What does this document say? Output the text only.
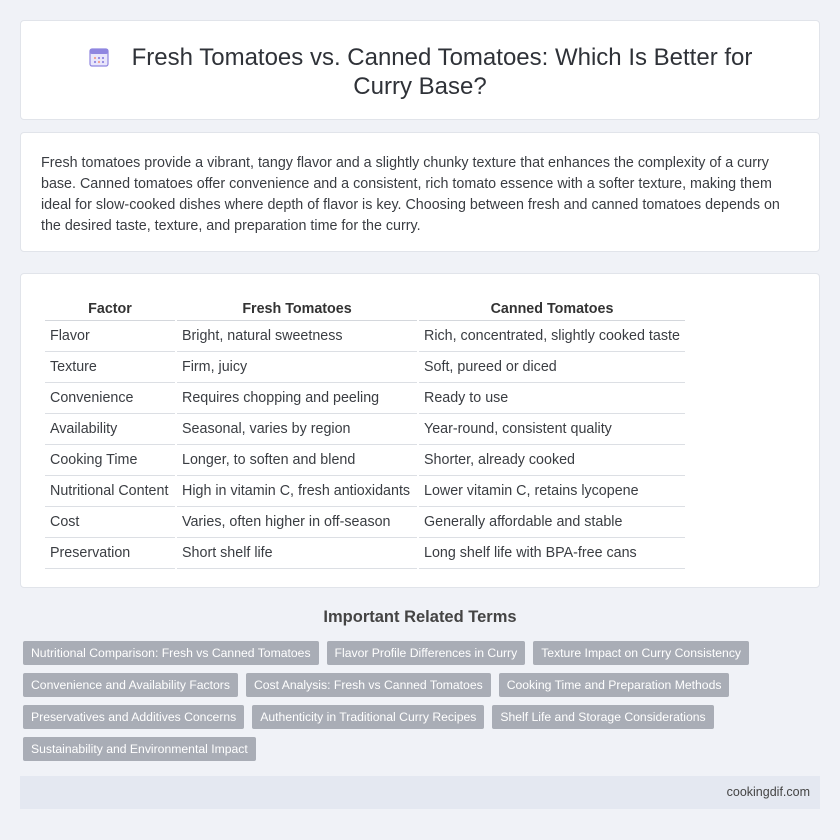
Fresh Tomatoes vs. Canned Tomatoes: Which Is Better for Curry Base?

Fresh tomatoes provide a vibrant, tangy flavor and a slightly chunky texture that enhances the complexity of a curry base. Canned tomatoes offer convenience and a consistent, rich tomato essence with a softer texture, making them ideal for slow-cooked dishes where depth of flavor is key. Choosing between fresh and canned tomatoes depends on the desired taste, texture, and preparation time for the curry.

Factor	Fresh Tomatoes	Canned Tomatoes
Flavor	Bright, natural sweetness	Rich, concentrated, slightly cooked taste
Texture	Firm, juicy	Soft, pureed or diced
Convenience	Requires chopping and peeling	Ready to use
Availability	Seasonal, varies by region	Year-round, consistent quality
Cooking Time	Longer, to soften and blend	Shorter, already cooked
Nutritional Content	High in vitamin C, fresh antioxidants	Lower vitamin C, retains lycopene
Cost	Varies, often higher in off-season	Generally affordable and stable
Preservation	Short shelf life	Long shelf life with BPA-free cans
Important Related Terms
Nutritional Comparison: Fresh vs Canned Tomatoes	Flavor Profile Differences in Curry	Texture Impact on Curry Consistency
Convenience and Availability Factors	Cost Analysis: Fresh vs Canned Tomatoes	Cooking Time and Preparation Methods
Preservatives and Additives Concerns	Authenticity in Traditional Curry Recipes	Shelf Life and Storage Considerations
Sustainability and Environmental Impact
cookingdif.com
